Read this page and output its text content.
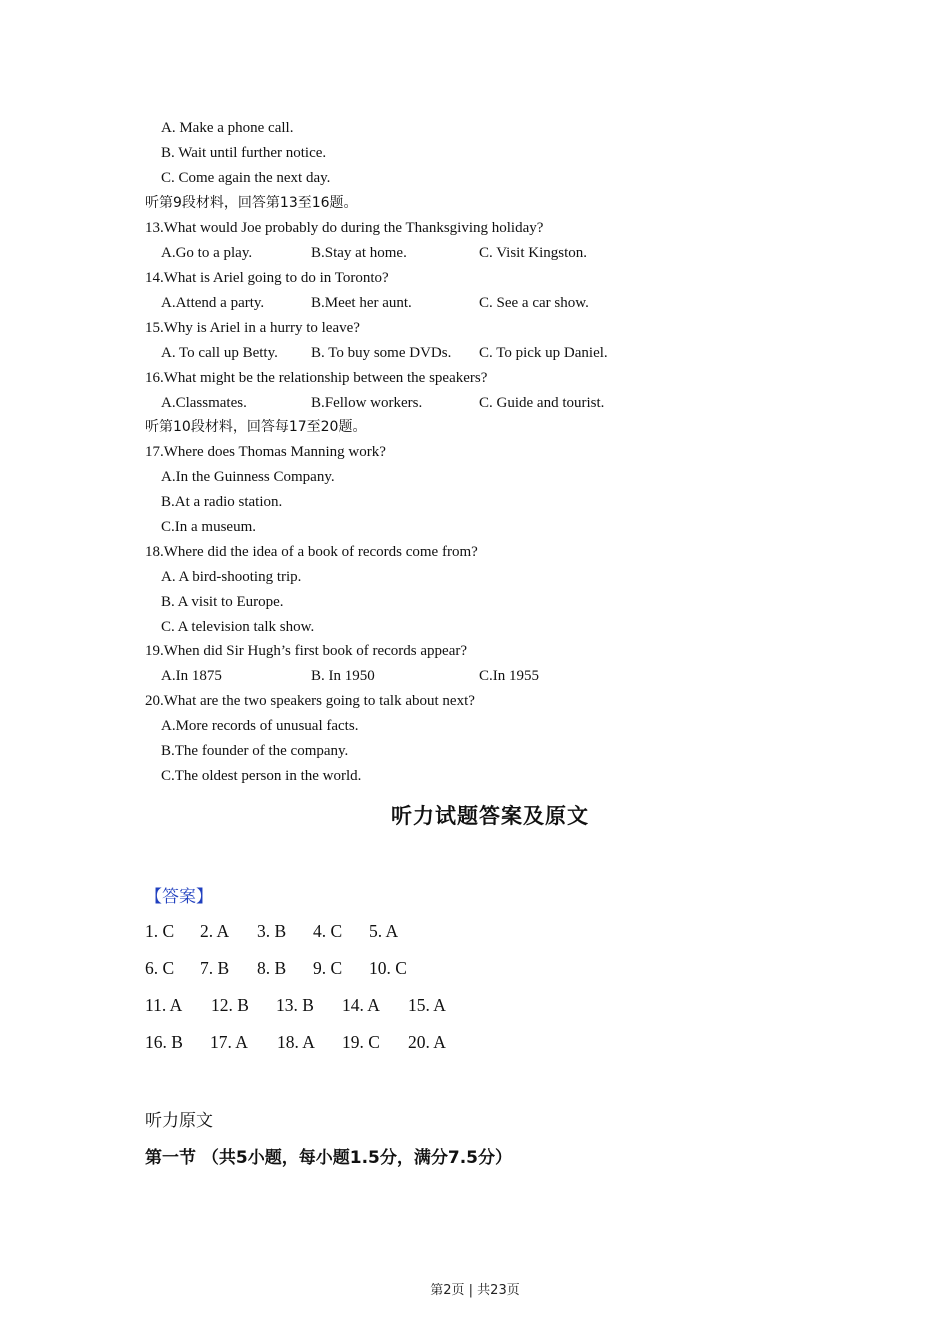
A. Make a phone call.
B. Wait until further notice.
C. Come again the next day.
听第9段材料，回答第13至16题。
13.What would Joe probably do during the Thanksgiving holiday?
A.Go to a play.	B.Stay at home.	C. Visit Kingston.
14.What is Ariel going to do in Toronto?
A.Attend a party.	B.Meet her aunt.	C. See a car show.
15.Why is Ariel in a hurry to leave?
A. To call up Betty. B. To buy some DVDs. C. To pick up Daniel.
16.What might be the relationship between the speakers?
A.Classmates.	B.Fellow workers.	C. Guide and tourist.
听第10段材料，回答每17至20题。
17.Where does Thomas Manning work?
A.In the Guinness Company.
B.At a radio station.
C.In a museum.
18.Where did the idea of a book of records come from?
A. A bird-shooting trip.
B. A visit to Europe.
C. A television talk show.
19.When did Sir Hugh’s first book of records appear?
A.In 1875	B. In 1950	C.In 1955
20.What are the two speakers going to talk about next?
A.More records of unusual facts.
B.The founder of the company.
C.The oldest person in the world.
听力试题答案及原文
【答案】
1. C 2. A 3. B 4. C 5. A
6. C 7. B 8. B 9. C 10. C
11. A 12. B 13. B 14. A 15. A
16. B 17. A 18. A 19. C 20. A
听力原文
第一节 （共5小题，每小题1.5分，满分7.5分）
第2页 | 共23页
